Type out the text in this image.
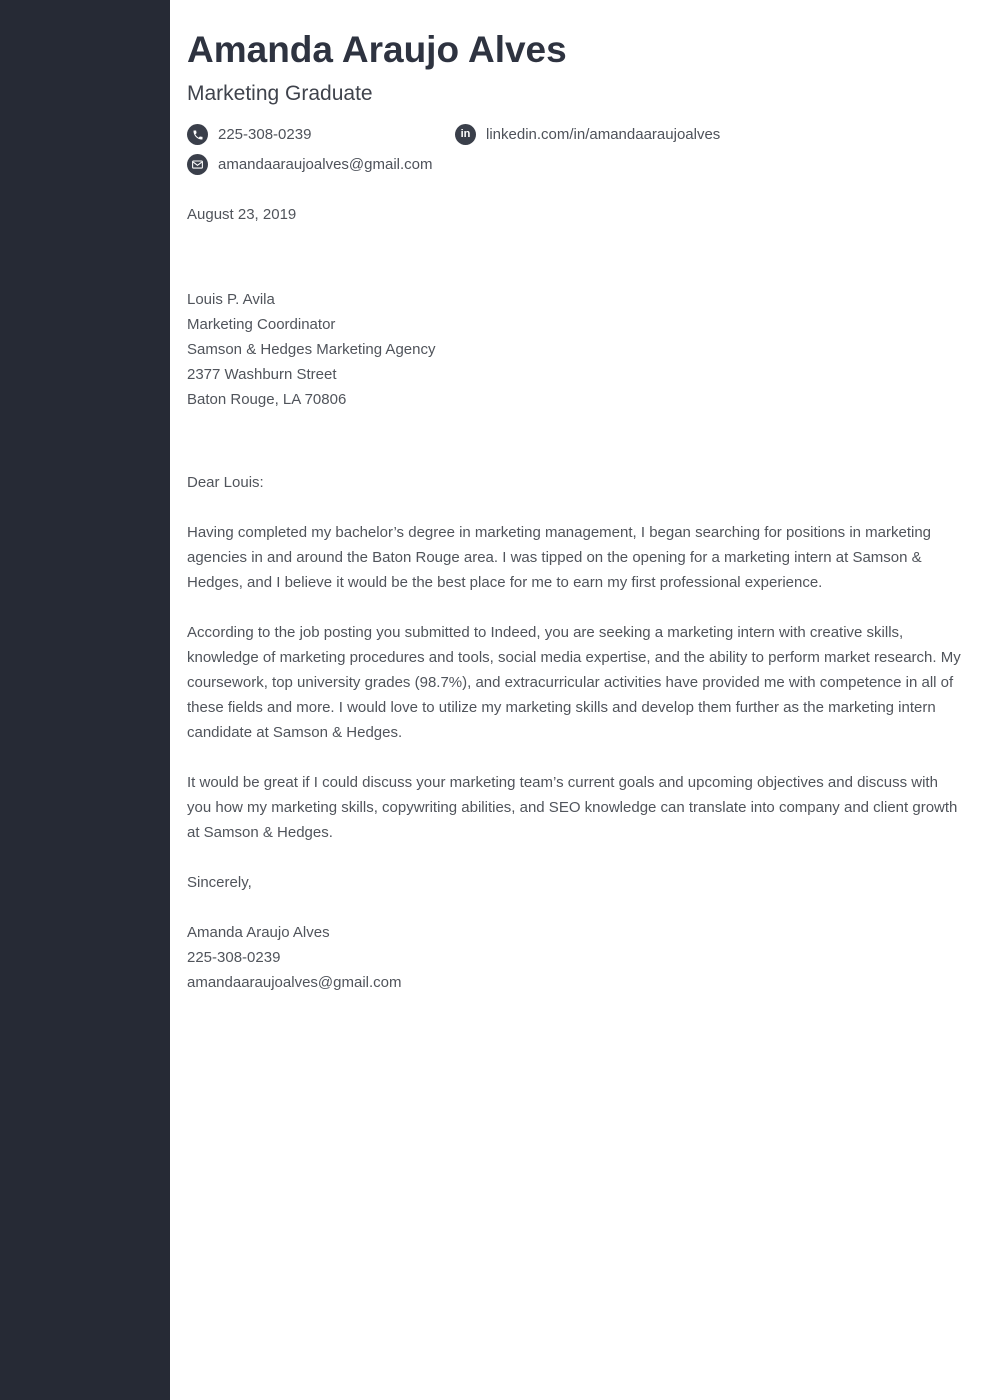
Amanda Araujo Alves
Marketing Graduate
225-308-0239	in linkedin.com/in/amandaaraujoalves
amandaaraujoalves@gmail.com
August 23, 2019
Louis P. Avila
Marketing Coordinator
Samson & Hedges Marketing Agency
2377 Washburn Street
Baton Rouge, LA 70806

Dear Louis:

Having completed my bachelor’s degree in marketing management, I began searching for positions in marketing agencies in and around the Baton Rouge area. I was tipped on the opening for a marketing intern at Samson & Hedges, and I believe it would be the best place for me to earn my first professional experience.

According to the job posting you submitted to Indeed, you are seeking a marketing intern with creative skills, knowledge of marketing procedures and tools, social media expertise, and the ability to perform market research. My coursework, top university grades (98.7%), and extracurricular activities have provided me with competence in all of these fields and more. I would love to utilize my marketing skills and develop them further as the marketing intern candidate at Samson & Hedges.

It would be great if I could discuss your marketing team’s current goals and upcoming objectives and discuss with you how my marketing skills, copywriting abilities, and SEO knowledge can translate into company and client growth at Samson & Hedges.

Sincerely,

Amanda Araujo Alves
225-308-0239
amandaaraujoalves@gmail.com
